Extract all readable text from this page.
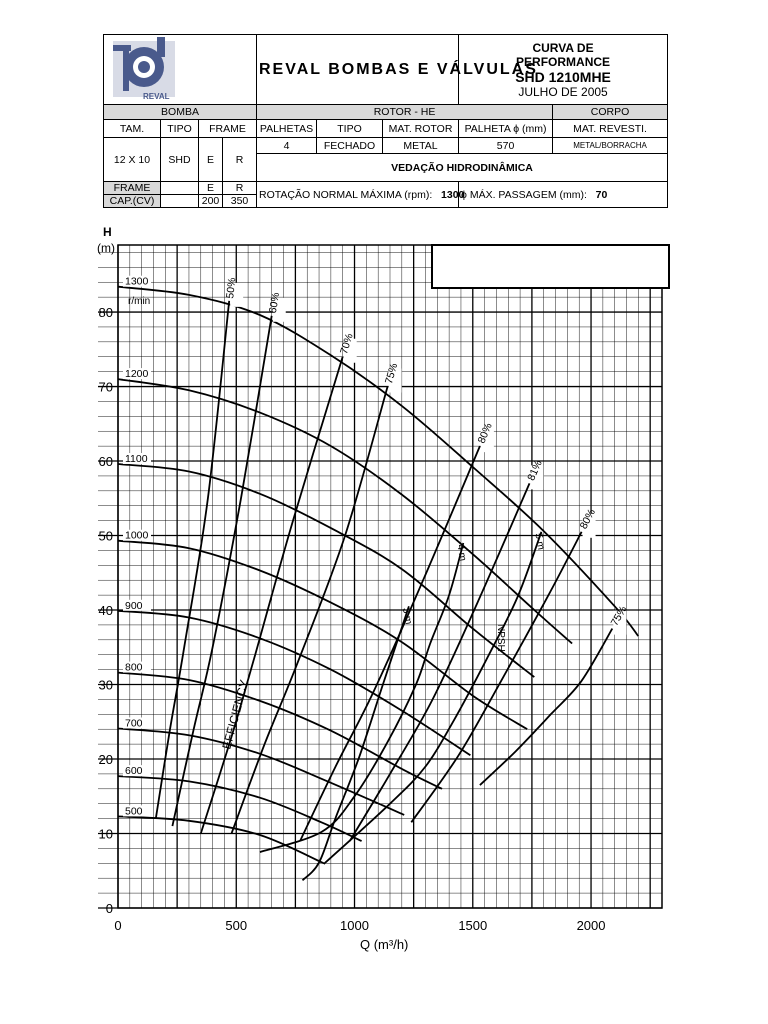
REVAL				REVAL BOMBAS E VÁLVULAS			CURVA DE
PERFORMANCE
SHD 1210MHE
JULHO DE 2005	

BOMBA				ROTOR - HE				CORPO
TAM.	TIPO	FRAME		PALHETAS	TIPO	MAT. ROTOR	PALHETA ϕ (mm)	MAT. REVESTI.
12 X 10	SHD	E	R	4	FECHADO	METAL	570	METAL/BORRACHA
				VEDAÇÃO HIDRODINÂMICA				
FRAME		E	R	ROTAÇÃO NORMAL MÁXIMA (rpm): 1300			ϕ MÁX. PASSAGEM (mm): 70	
CAP.(CV)		200	350					
0	500	1000	1500	2000
0
10
20
30
40
50
60
70
80
1300
1200
1100
1000
900
800
700
600
500
50%
60%
70%
75%
80%
81%
80%
75%
3 m
4 m
5 m
H
(m)
Q (m³/h)
r/min
EFFICIENCY
NPSH
